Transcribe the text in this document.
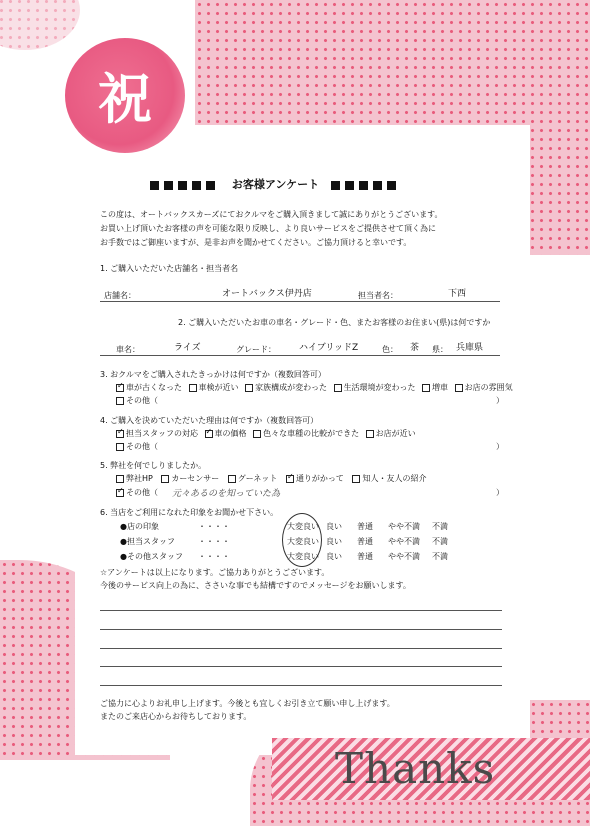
祝
お客様アンケート
この度は、オートバックスカーズにておクルマをご購入頂きまして誠にありがとうございます。
お買い上げ頂いたお客様の声を可能な限り反映し、より良いサービスをご提供させて頂く為に
お手数ではご御座いますが、是非お声を聞かせてください。ご協力頂けると幸いです。
1. ご購入いただいた店舗名・担当者名
店舗名：	オートバックス伊丹店	担当者名：	下西
2. ご購入いただいたお車の車名・グレード・色、またお客様のお住まい(県)は何ですか
車名：	ライズ	グレード：	ハイブリッドZ	色： 茶 県： 兵庫県
3. おクルマをご購入されたきっかけは何ですか（複数回答可）
✓ 車が古くなった 車検が近い 家族構成が変わった 生活環境が変わった 増車 お店の雰囲気
その他（	）
4. ご購入を決めていただいた理由は何ですか（複数回答可）
✓ 担当スタッフの対応 ✓ 車の価格 色々な車種の比較ができた お店が近い
その他（	）
5. 弊社を何でしりましたか。
弊社HP カーセンサー グーネット ✓ 通りがかって 知人・友人の紹介
✓ その他（ 元々あるのを知っていた為	）
6. 当店をご利用になれた印象をお聞かせ下さい。
●店の印象	・・・・	大変良い 良い 普通 やや不満 不満
●担当スタッフ	・・・・	大変良い 良い 普通 やや不満 不満
●その他スタッフ ・・・・	大変良い 良い 普通 やや不満 不満
☆アンケートは以上になります。ご協力ありがとうございます。
今後のサービス向上の為に、ささいな事でも結構ですのでメッセージをお願いします。
ご協力に心よりお礼申し上げます。今後とも宜しくお引き立て願い申し上げます。
またのご来店心からお待ちしております。
Thanks
